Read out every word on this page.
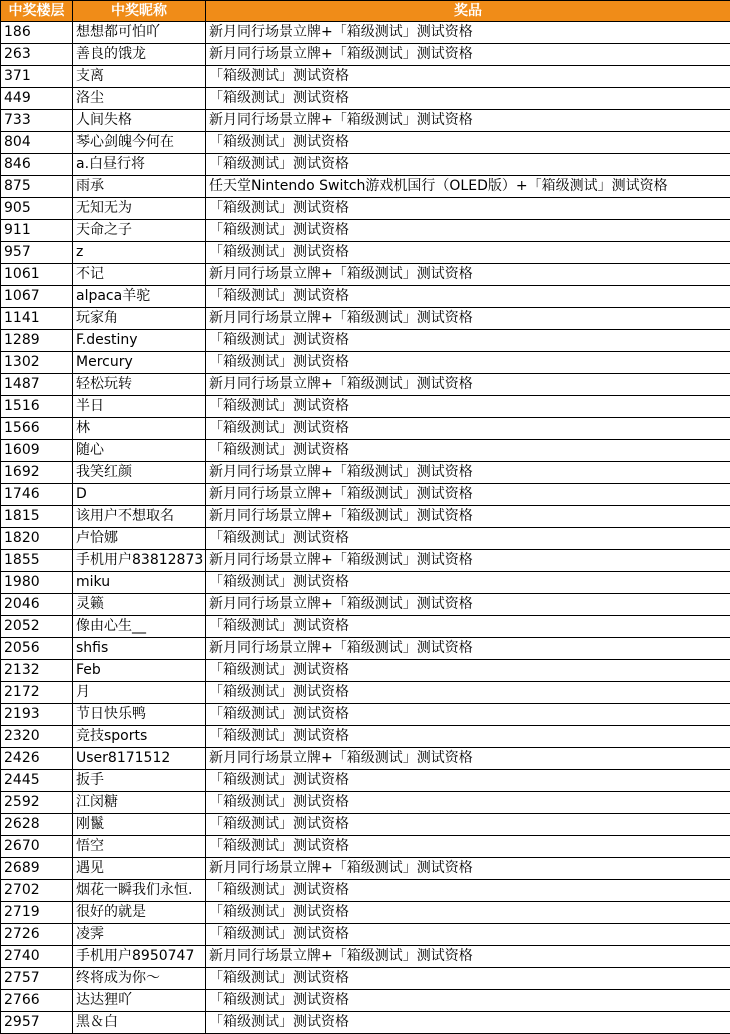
中奖楼层	中奖昵称	奖品
186	想想都可怕吖	新月同行场景立牌+「箱级测试」测试资格
263	善良的饿龙	新月同行场景立牌+「箱级测试」测试资格
371	支离	「箱级测试」测试资格
449	洛尘	「箱级测试」测试资格
733	人间失格	新月同行场景立牌+「箱级测试」测试资格
804	琴心剑魄今何在	「箱级测试」测试资格
846	a.白昼行将	「箱级测试」测试资格
875	雨承	任天堂Nintendo Switch游戏机国行（OLED版）+「箱级测试」测试资格
905	无知无为	「箱级测试」测试资格
911	天命之子	「箱级测试」测试资格
957	z	「箱级测试」测试资格
1061	不记	新月同行场景立牌+「箱级测试」测试资格
1067	alpaca羊驼	「箱级测试」测试资格
1141	玩家角	新月同行场景立牌+「箱级测试」测试资格
1289	F.destiny	「箱级测试」测试资格
1302	Mercury	「箱级测试」测试资格
1487	轻松玩转	新月同行场景立牌+「箱级测试」测试资格
1516	半日	「箱级测试」测试资格
1566	林	「箱级测试」测试资格
1609	随心	「箱级测试」测试资格
1692	我笑红颜	新月同行场景立牌+「箱级测试」测试资格
1746	D	新月同行场景立牌+「箱级测试」测试资格
1815	该用户不想取名	新月同行场景立牌+「箱级测试」测试资格
1820	卢恰娜	「箱级测试」测试资格
1855	手机用户83812873	新月同行场景立牌+「箱级测试」测试资格
1980	miku	「箱级测试」测试资格
2046	灵籁	新月同行场景立牌+「箱级测试」测试资格
2052	像由心生__	「箱级测试」测试资格
2056	shfis	新月同行场景立牌+「箱级测试」测试资格
2132	Feb	「箱级测试」测试资格
2172	月	「箱级测试」测试资格
2193	节日快乐鸭	「箱级测试」测试资格
2320	竞技sports	「箱级测试」测试资格
2426	User8171512	新月同行场景立牌+「箱级测试」测试资格
2445	扳手	「箱级测试」测试资格
2592	江闵糖	「箱级测试」测试资格
2628	刚鬣	「箱级测试」测试资格
2670	悟空	「箱级测试」测试资格
2689	遇见	新月同行场景立牌+「箱级测试」测试资格
2702	烟花一瞬我们永恒.	「箱级测试」测试资格
2719	很好的就是	「箱级测试」测试资格
2726	凌霁	「箱级测试」测试资格
2740	手机用户8950747	新月同行场景立牌+「箱级测试」测试资格
2757	终将成为你～	「箱级测试」测试资格
2766	达达狸吖	「箱级测试」测试资格
2957	黑＆白	「箱级测试」测试资格
